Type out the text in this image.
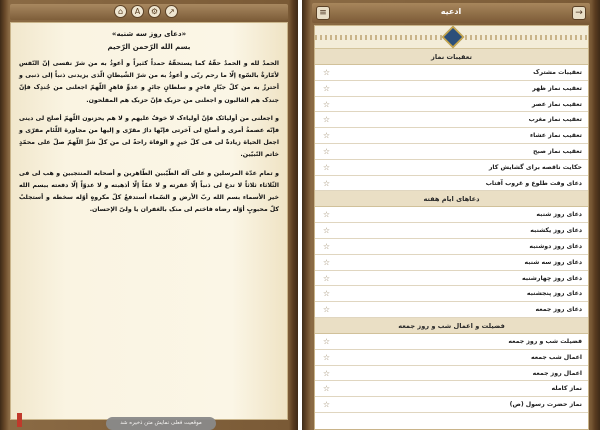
⌂	A	⚙	↗
«دعای روز سه شنبه»
بسم الله الرّحمن الرّحیم

الحمدُ لله و الحمدُ حقّهُ کما یستحقّهُ حمداً کثیراً و أعوذُ به من شرّ نفسی إنّ النّفس لأمّارةٌ بالسّوءِ إلّا ما رحم ربّی و أعوذُ به من شرّ الشّیطانِ الّذی یزیدنی ذنباً إلی ذنبی و أحترزُ به من کلّ جبّارٍ فاجرٍ و سلطانٍ جائرٍ و عدوٍّ قاهرٍ اللّهمّ اجعلنی من جُندِک فإنّ جندک هم الغالبون و اجعلنی من حزبک فإنّ حزبک هم المفلحون.

و اجعلنی من أولیائک فإنّ أولیاءک لا خوفٌ علیهم و لا هم یحزنون اللّهمّ أصلح لی دینی فإنّه عصمةُ أمری و أصلح لی آخرتی فإنّها دارُ مقرّی و إلیها من مجاورة اللّئام مفرّی و اجعل الحیاة زیادةً لی فی کلّ خیرٍ و الوفاة راحةً لی من کلّ شرٍّ اللّهمّ صلّ علی محمّدٍ خاتم النّبیّین.

و تمام عدّة المرسلین و علی آله الطّیّبین الطّاهرین و أصحابه المنتجبین و هب لی فی الثّلاثاء ثلاثاً لا تدع لی ذنباً إلّا غفرته و لا غمّاً إلّا أذهبته و لا عدوّاً إلّا دفعته ببسم الله خیر الأسماء بسم الله ربّ الأرض و السّماء أستدفعُ کلّ مکروهٍ أوّله سخطه و أستجلبُ کلّ محبوبٍ أوّله رضاه فاختم لی منک بالغفران یا ولیّ الإحسان.

موقعیت فعلی نمایش متن ذخیره شد
≡	ادعیه	→
تعقیبات نماز
تعقیبات مشترک
☆
تعقیب نماز ظهر
☆
تعقیب نماز عصر
☆
تعقیب نماز مغرب
☆
تعقیب نماز عشاء
☆
تعقیب نماز صبح
☆
حکایت ناقصه برای گشایش کار
☆
دعای وقت طلوع و غروب آفتاب
☆
دعاهای ایام هفته
دعای روز شنبه
☆
دعای روز یکشنبه
☆
دعای روز دوشنبه
☆
دعای روز سه شنبه
☆
دعای روز چهارشنبه
☆
دعای روز پنجشنبه
☆
دعای روز جمعه
☆
فضیلت و اعمال شب و روز جمعه
فضیلت شب و روز جمعه
☆
اعمال شب جمعه
☆
اعمال روز جمعه
☆
نماز کامله
☆
نماز حضرت رسول (ص)
☆
